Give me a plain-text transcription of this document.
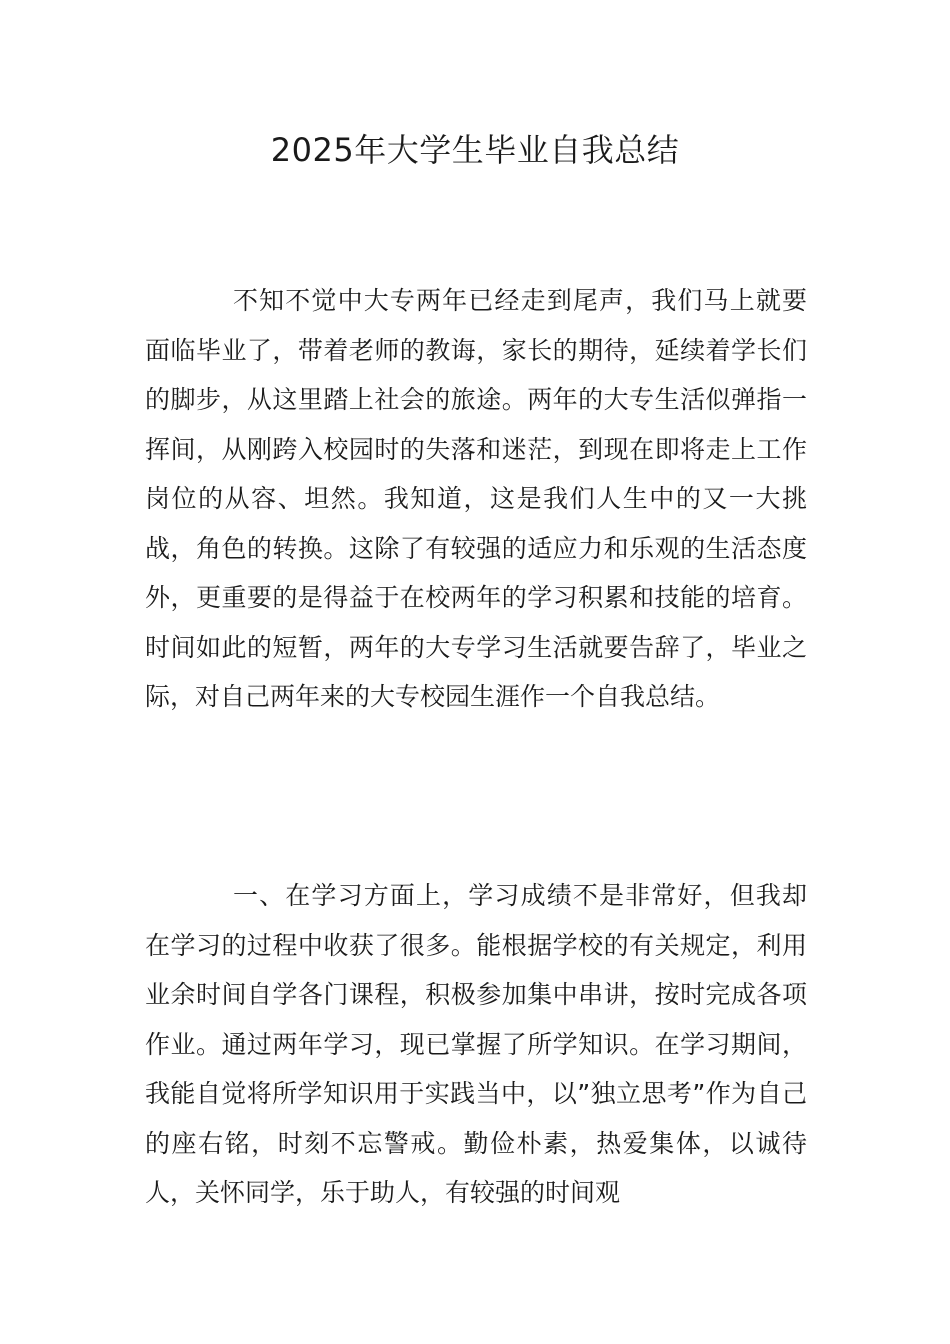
2025年大学生毕业自我总结

不知不觉中大专两年已经走到尾声，我们马上就要面临毕业了，带着老师的教诲，家长的期待，延续着学长们的脚步，从这里踏上社会的旅途。两年的大专生活似弹指一挥间，从刚跨入校园时的失落和迷茫，到现在即将走上工作岗位的从容、坦然。我知道，这是我们人生中的又一大挑战，角色的转换。这除了有较强的适应力和乐观的生活态度外，更重要的是得益于在校两年的学习积累和技能的培育。时间如此的短暂，两年的大专学习生活就要告辞了，毕业之际，对自己两年来的大专校园生涯作一个自我总结。

一、在学习方面上，学习成绩不是非常好，但我却在学习的过程中收获了很多。能根据学校的有关规定，利用业余时间自学各门课程，积极参加集中串讲，按时完成各项作业。通过两年学习，现已掌握了所学知识。在学习期间，我能自觉将所学知识用于实践当中，以”独立思考”作为自己的座右铭，时刻不忘警戒。勤俭朴素，热爱集体，以诚待人，关怀同学，乐于助人，有较强的时间观
